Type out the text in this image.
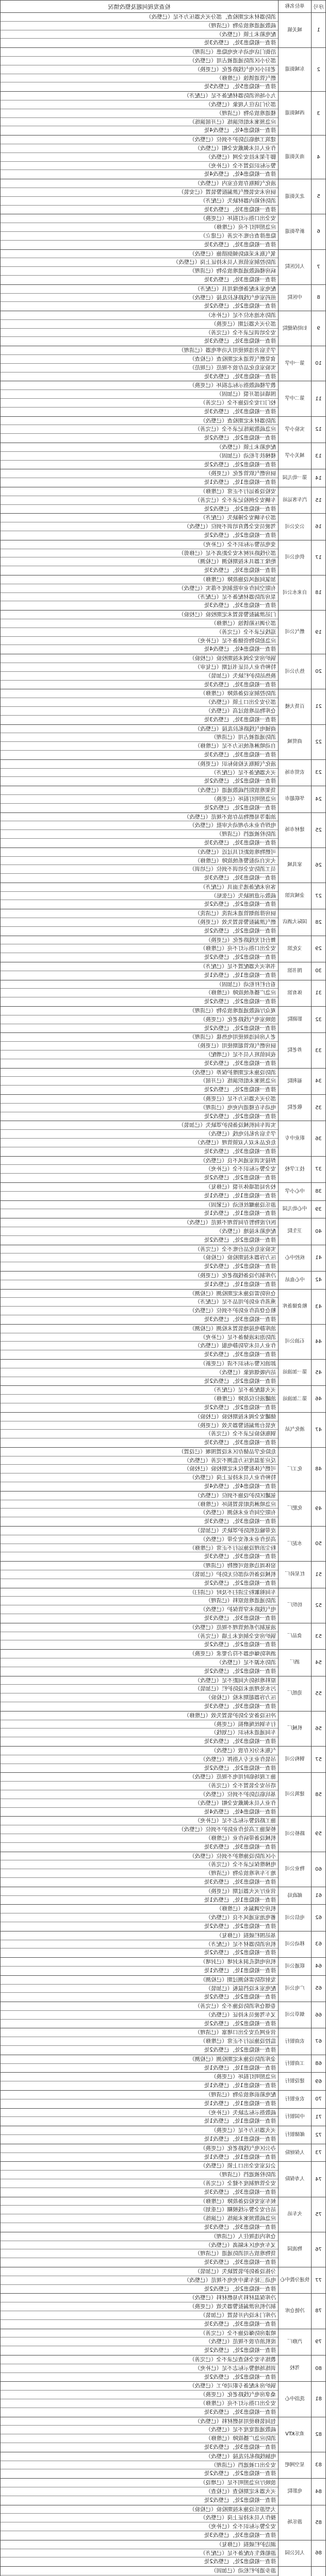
序号
单位名称
检查发现问题及整改情况
1
城关镇
消防器材未定期检查，部分灭火器压力不足（已整改）
疏散通道堆放杂物（已清理）
配电箱未上锁（已整改）
排查一般隐患3处，已整改3处
2
东城街道
沿街门店电动车充电隐患（已清理）
部分小区消防通道被占用（已整改）
老旧小区电气线路老化（已更换）
燃气管道锈蚀（已维修）
排查一般隐患5处，已整改5处
3
西城街道
九小场所消防器材配备不足（已配齐）
部分门店住人现象（已整改）
楼道堆放杂物（已清理）
应急预案未组织演练（已开展演练）
排查一般隐患4处，已整改4处
4
南关街道
建筑工地临边防护不到位（已整改）
作业人员未佩戴安全帽（已整改）
脚手架未挂安全网（已整改）
警示标识设置不全（已补充）
排查一般隐患4处，已整改4处
5
北关街道
液化气钢瓶存放在室内（已整改）
厨房未安装燃气泄漏报警装置（已安装）
消防栓箱内器材缺失（已配齐）
排查一般隐患3处，已整改3处
6
新华街道
安全出口指示灯损坏（已更换）
应急照明灯不亮（已维修）
隐患排查台账不完善（已建立）
排查一般隐患3处，已整改3处
7
人民医院
氧气瓶未采取防倾倒措施（已整改）
消防控制室值班人员未持证上岗（已整改）
病房楼疏散通道堆放杂物（已清理）
排查一般隐患3处，已整改3处
8
中医院
配电室未配备绝缘用具（已配齐）
煎药室电气线路私拉乱接（已整改）
排查一般隐患2处，已整改2处
9
妇幼保健院
消防水池水位不足（已补水）
部分灭火器过期（已更换）
安全培训记录不全（已完善）
排查一般隐患3处，已整改3处
10
第一中学
学生宿舍违规使用大功率电器（已清理）
食堂燃气管道未定期检查（已检查）
实验室危化品存放不规范（已规范）
排查一般隐患3处，已整改3处
11
第二中学
教学楼疏散指示标志损坏（已更换）
围墙局部开裂（已加固）
校门口安全设施不全（已完善）
排查一般隐患3处，已整改3处
12
实验小学
消防器材未定期检查（已整改）
应急疏散演练记录不全（已完善）
排查一般隐患2处，已整改2处
13
城关小学
配电箱未上锁（已整改）
楼梯扶手松动（已加固）
排查一般隐患2处，已整改2处
14
第一幼儿园
厨房燃气软管老化（已更换）
排查一般隐患1处，已整改1处
15
汽车客运站
安检设备运行不正常（已维修）
车辆安全例检记录不全（已完善）
排查一般隐患2处，已整改2处
16
公交公司
部分车辆安全锤缺失（已配齐）
驾驶员安全教育培训不到位（已整改）
排查一般隐患2处，已整改2处
17
供电公司
变电站警示标识不全（已补充）
部分线路对树木安全距离不足（已修剪）
绝缘工器具未按期检测（已检测）
排查一般隐患3处，已整改3处
18
自来水公司
加氯间通风设施故障（已维修）
有限空间作业审批制度不落实（已整改）
泵房消防器材配备不足（已配齐）
排查一般隐患3处，已整改3处
19
燃气公司
门站泄漏报警装置未定期校验（已校验）
部分调压箱锈蚀（已维修）
巡线记录不全（已完善）
应急抢险物资储备不足（已补充）
排查一般隐患4处，已整改4处
20
热力公司
锅炉房安全阀未按期校验（已校验）
特种作业人员证书过期（已复审）
换热站防护栏缺失（已加装）
排查一般隐患3处，已整改3处
21
百货大楼
消防控制室设备故障（已维修）
部分安全出口上锁（已整改）
仓库物品堆放过高（已整改）
排查一般隐患3处，已整改3处
22
商贸城
商铺电气线路私拉乱接（已整改）
消防通道被占用（已清理）
自动喷淋系统压力不足（已维修）
排查一般隐患3处，已整改3处
23
农贸市场
液化气钢瓶无检验标识（已更换）
灭火器配备不足（已配齐）
排查一般隐患2处，已整改2处
24
华联超市
货架堆放阻挡疏散通道（已整改）
应急照明灯损坏（已更换）
排查一般隐患2处，已整改2处
25
建材市场
油漆等易燃物品存放不规范（已整改）
电焊作业未办理动火审批（已整改）
消防栓被遮挡（已清理）
排查一般隐患3处，已整改3处
26
家具城
可燃物堆放距灯具过近（已整改）
火灾自动报警系统故障（已维修）
员工消防安全培训不到位（已培训）
排查一般隐患3处，已整改3处
27
金城宾馆
客房未配备逃生面具（已配齐）
疏散示意图缺失（已张贴）
排查一般隐患2处，已整改2处
28
国际大酒店
厨房排油烟管道未清洗（已清洗）
燃气泄漏报警装置失效（已更换）
排查一般隐患2处，已整改2处
29
文化馆
舞台灯光线路老化（已更换）
安全出口指示灯不亮（已维修）
排查一般隐患2处，已整改2处
30
图书馆
书库灭火器配置不足（已配齐）
排查一般隐患1处，已整改1处
31
体育馆
看台栏杆松动（已加固）
应急广播系统故障（已维修）
排查一般隐患2处，已整改2处
32
影剧院
观众厅疏散通道堆放杂物（已清理）
放映室电气线路老化（已更换）
排查一般隐患2处，已整改2处
33
养老院
老人房间违规使用电热毯（已清理）
厨房燃气软管超期使用（已更换）
夜间值班人员不足（已增配）
排查一般隐患3处，已整改3处
34
福利院
消防设施未定期维护保养（已整改）
应急预案未组织演练（已开展）
排查一般隐患2处，已整改2处
35
敬老院
部分灭火器压力不足（已更换）
电动车在楼道内充电（已清理）
排查一般隐患2处，已整改2处
36
职业中专
实训车间机械设备防护罩缺失（已加装）
学生宿舍私拉电线（已整改）
危化品未双人双锁管理（已整改）
排查一般隐患3处，已整改3处
37
技工学校
焊接实训室通风不良（已整改）
安全警示标识不全（已补充）
排查一般隐患2处，已整改2处
38
中心小学
校舍局部墙体开裂（已修复）
排查一般隐患1处，已整改1处
39
中心幼儿园
游乐设施螺丝松动（已紧固）
排查一般隐患1处，已整改1处
40
卫生院
医疗废物暂存间管理不规范（已整改）
配电箱未接地（已整改）
排查一般隐患2处，已整改2处
41
疾控中心
实验室危化品台账不全（已完善）
压力容器未按期检验（已检验）
排查一般隐患2处，已整改2处
42
中心血站
冷库制冷设备线路老化（已更换）
排查一般隐患1处，已整改1处
43
粮食储备库
仓房防雷设施未定期检测（已检测）
熏蒸作业防护用品不足（已配齐）
粮仓登高作业防护不到位（已整改）
排查一般隐患3处，已整改3处
44
石油公司
油库静电接地装置未检测（已检测）
消防泡沫液储备不足（已补充）
作业人员未穿防静电服（已整改）
排查一般隐患3处，已整改3处
45
第一加油站
卸油区警示标识不清（已更新）
站内吸烟现象（已整改）
排查一般隐患2处，已整改2处
46
第二加油站
灭火毯配备不足（已配齐）
油罐液位仪故障（已维修）
排查一般隐患2处，已整改2处
47
液化气站
储罐安全阀未按期校验（已校验）
充装台泄漏报警器失效（已更换）
钢瓶检验记录不全（已完善）
排查一般隐患3处，已整改3处
48
化工厂
危险化学品储存区未设置围堰（已设置）
反应釜温度压力监测不完善（已整改）
可燃气体报警仪未定期校验（已校验）
特种作业人员未持证上岗（已整改）
排查一般隐患4处，已整改4处
49
化肥厂
氨罐区防护设施不到位（已整改）
应急喷淋洗眼装置损坏（已维修）
有限空间作业未检测（已整改）
排查一般隐患3处，已整改3处
50
水泥厂
皮带输送机防护罩缺失（已加装）
高处作业未系安全带（已整改）
粉尘治理设施运行不正常（已维修）
排查一般隐患3处，已整改3处
51
红星砖厂
窑体周边堆放可燃物（已清理）
机械设备传动部位无防护（已加装）
排查一般隐患2处，已整改2处
52
纺织厂
车间棉絮粉尘清扫不及时（已清扫）
消防通道堆放原料（已清理）
电气线路未穿管保护（已整改）
排查一般隐患3处，已整改3处
53
食品厂
液氨制冷系统管理不规范（已整改）
锅炉房安全制度未上墙（已完善）
排查一般隐患2处，已整改2处
54
酒厂
酒库防爆电器不符合要求（已更换）
消防水源不足（已整改）
排查一般隐患2处，已整改2处
55
造纸厂
原料堆场防火间距不足（已整改）
污水处理池未设防护栏（已加装）
压力容器超期未检（已检验）
排查一般隐患3处，已整改3处
56
机械厂
冲压设备安全防护装置失效（已维修）
行车钢丝绳磨损（已更换）
车间通道未标识（已划线）
排查一般隐患3处，已整改3处
57
钢构公司
气瓶未分区存放（已整改）
吊装作业无专人指挥（已整改）
排查一般隐患2处，已整改2处
58
建筑公司
施工现场临时用电不规范（已整改）
塔吊安全装置不全（已完善）
基坑临边防护不到位（已整改）
作业人员未佩戴安全帽（已整改）
排查一般隐患4处，已整改4处
59
路桥公司
施工路段警示标志不足（已补充）
桥梁施工高处作业防护不到位（已整改）
机械设备带病作业（已维修）
排查一般隐患3处，已整改3处
60
物业公司
小区消防设施维护不到位（已整改）
电梯维保记录不全（已完善）
地下车库堆放杂物（已清理）
排查一般隐患3处，已整改3处
61
邮政局
营业厅灭火器过期（已更换）
排查一般隐患1处，已整改1处
62
电信公司
机房空调漏水（已维修）
蓄电池室通风不良（已整改）
排查一般隐患2处，已整改2处
63
移动公司
基站围栏破损（已修复）
机房消防器材不足（已配齐）
排查一般隐患2处，已整改2处
64
联通公司
机房电缆孔洞未封堵（已封堵）
排查一般隐患1处，已整改1处
65
广电公司
发射塔防雷检测过期（已检测）
配电室未设挡鼠板（已加装）
排查一般隐患2处，已整改2处
66
烟草公司
卷烟仓库消防设施不全（已完善）
叉车驾驶员未持证（已整改）
排查一般隐患2处，已整改2处
67
农商银行
营业网点安全出口堵塞（已清理）
监控设施运行不正常（已维修）
排查一般隐患2处，已整改2处
68
工商银行
金库消防设施未定期检测（已检测）
排查一般隐患1处，已整改1处
69
建设银行
应急照明灯损坏（已更换）
排查一般隐患1处，已整改1处
70
农业银行
配电箱前堆放杂物（已清理）
排查一般隐患1处，已整改1处
71
中国银行
疏散指示标志缺失（已补充）
排查一般隐患1处，已整改1处
72
邮储银行
灭火器压力不足（已更换）
排查一般隐患1处，已整改1处
73
人保财险
办公区电气线路老化（已更换）
排查一般隐患1处，已整改1处
74
人寿保险
会议室安全出口上锁（已整改）
消防栓被遮挡（已清理）
安全管理制度不健全（已完善）
排查一般隐患3处，已整改3处
75
火车站
候车室安检设备故障（已维修）
站台安全警示线模糊（已重划）
应急疏散预案未演练（已演练）
排查一般隐患3处，已整改3处
76
物流园
仓库内违规住人（已清理）
叉车充电区未隔离（已整改）
货物堆放占用消防通道（已清理）
排查一般隐患3处，已整改3处
77
快递分拨中心
分拣设备防护装置缺失（已加装）
电动三轮车集中充电不规范（已整改）
排查一般隐患2处，已整改2处
78
冷链仓库
冷库保温材料为易燃材料（已整改）
制冷机房泄漏报警器失效（已更换）
冷库门未设内开装置（已加装）
排查一般隐患3处，已整改3处
79
汽修厂
喷漆房防爆设施不全（已完善）
废机油存放不规范（已整改）
排查一般隐患2处，已整改2处
80
驾校
教练车安全检查记录不全（已完善）
训练场地警示标志不足（已补充）
排查一般隐患2处，已整改2处
81
洗浴中心
锅炉房未配备专职司炉工（已整改）
桑拿房电气线路老化（已更换）
安全出口指示灯不亮（已维修）
排查一般隐患3处，已整改3处
82
欢乐KTV
包间装修使用易燃材料（已整改）
疏散通道宽度不足（已整改）
消防应急广播故障（已维修）
排查一般隐患3处，已整改3处
83
星空网吧
电脑线路私拉乱接（已整改）
安全出口被遮挡（已清理）
排查一般隐患2处，已整改2处
84
电影院
放映厅应急照明不足（已增设）
灭火器未定期检查（已检查）
排查一般隐患2处，已整改2处
85
游乐场
大型游乐设施未按期检验（已检验）
操作人员未持证上岗（已整改）
安全警示标识不全（已补充）
排查一般隐患3处，已整改3处
86
人民公园
湖边护栏破损（已修复）
游船救生衣配备不足（已配齐）
排查一般隐患2处，已整改2处
游步道护栏松动（已加固）
